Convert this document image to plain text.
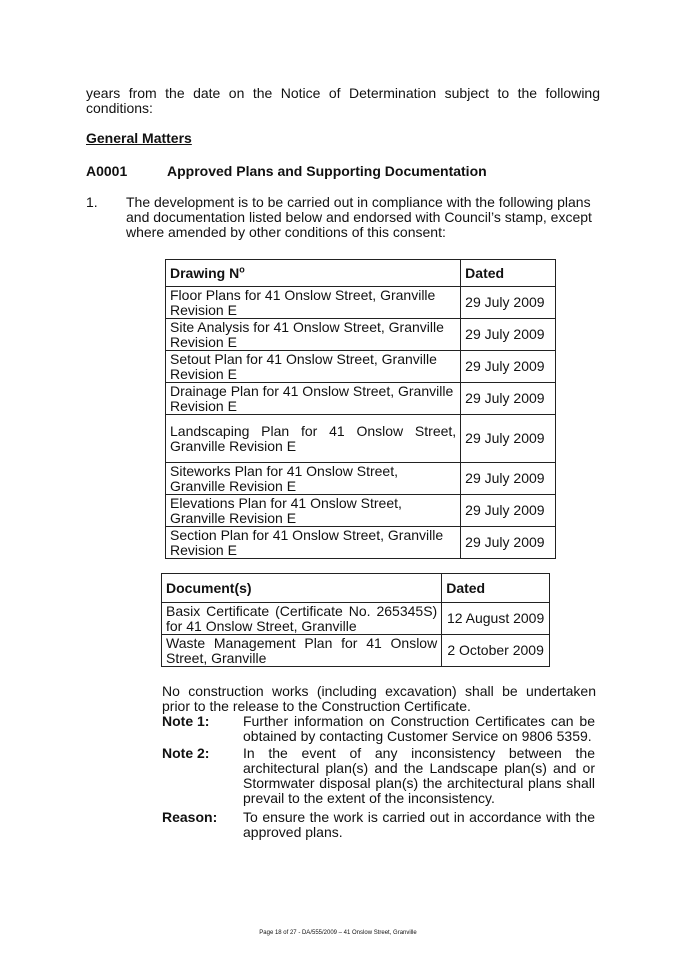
years from the date on the Notice of Determination subject to the following conditions:
General Matters
A0001	Approved Plans and Supporting Documentation
1. The development is to be carried out in compliance with the following plans and documentation listed below and endorsed with Council’s stamp, except where amended by other conditions of this consent:
Drawing $N^o$	Dated
Floor Plans for 41 Onslow Street, Granville Revision E	29 July 2009
Site Analysis for 41 Onslow Street, Granville Revision E	29 July 2009
Setout Plan for 41 Onslow Street, Granville Revision E	29 July 2009
Drainage Plan for 41 Onslow Street, Granville Revision E	29 July 2009
Landscaping Plan for 41 Onslow Street, Granville Revision E	29 July 2009
Siteworks Plan for 41 Onslow Street, Granville Revision E	29 July 2009
Elevations Plan for 41 Onslow Street, Granville Revision E	29 July 2009
Section Plan for 41 Onslow Street, Granville Revision E	29 July 2009
Document(s)	Dated
Basix Certificate (Certificate No. 265345S) for 41 Onslow Street, Granville	12 August 2009
Waste Management Plan for 41 Onslow Street, Granville	2 October 2009
No construction works (including excavation) shall be undertaken prior to the release to the Construction Certificate.
Note 1: Further information on Construction Certificates can be obtained by contacting Customer Service on 9806 5359.
Note 2: In the event of any inconsistency between the architectural plan(s) and the Landscape plan(s) and or Stormwater disposal plan(s) the architectural plans shall prevail to the extent of the inconsistency.
Reason: To ensure the work is carried out in accordance with the approved plans.
Page 18 of 27 - DA/555/2009 – 41 Onslow Street, Granville
